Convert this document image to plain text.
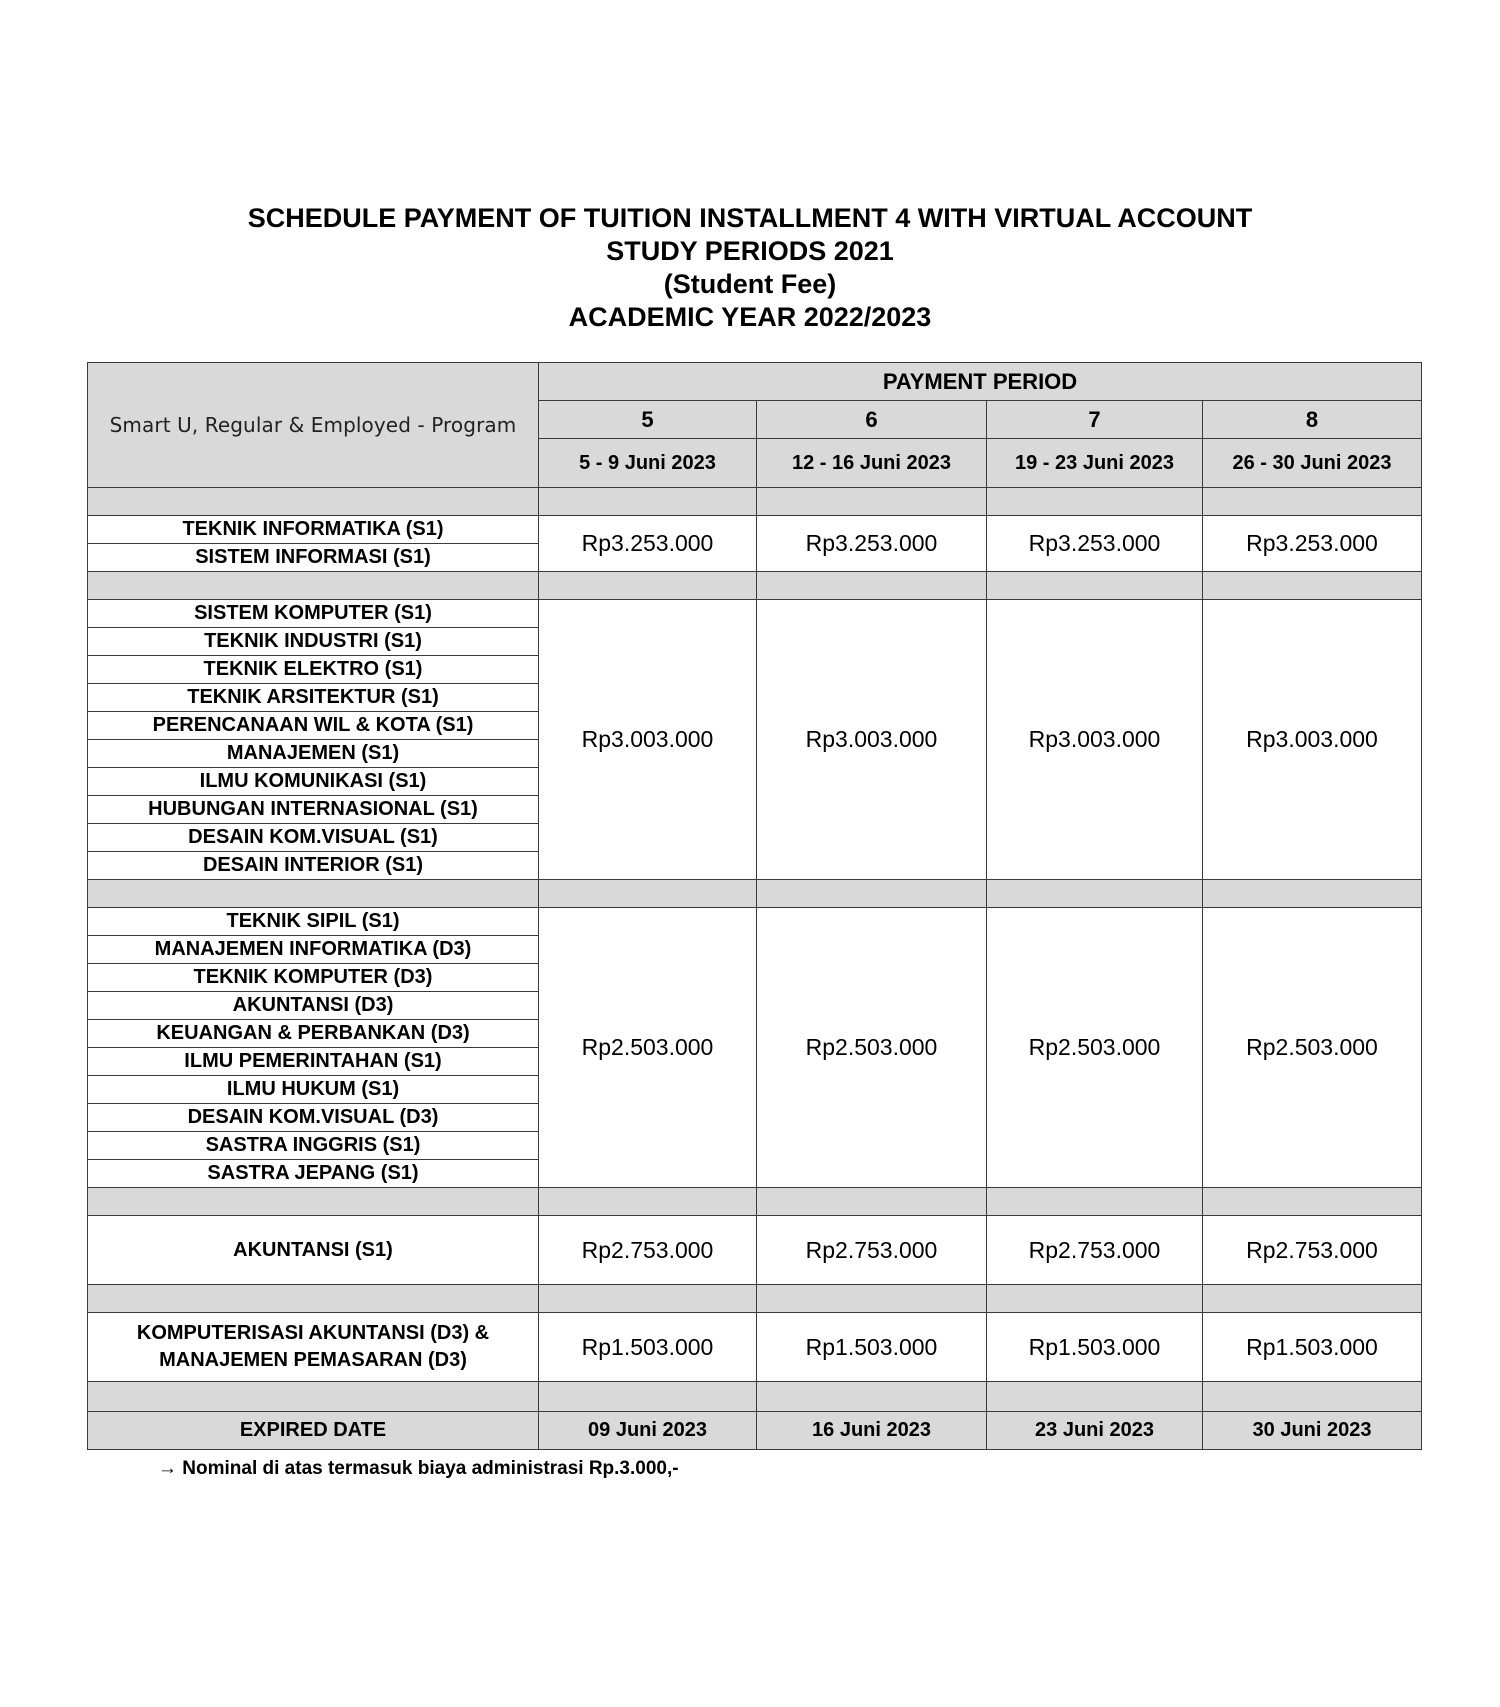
SCHEDULE PAYMENT OF TUITION INSTALLMENT 4 WITH VIRTUAL ACCOUNT
STUDY PERIODS 2021
(Student Fee)
ACADEMIC YEAR 2022/2023
Smart U, Regular & Employed - Program	PAYMENT PERIOD			
	5	6	7	8
	5 - 9 Juni 2023	12 - 16 Juni 2023	19 - 23 Juni 2023	26 - 30 Juni 2023

TEKNIK INFORMATIKA (S1)	Rp3.253.000	Rp3.253.000	Rp3.253.000	Rp3.253.000
SISTEM INFORMASI (S1)				

SISTEM KOMPUTER (S1)	Rp3.003.000	Rp3.003.000	Rp3.003.000	Rp3.003.000
TEKNIK INDUSTRI (S1)				
TEKNIK ELEKTRO (S1)				
TEKNIK ARSITEKTUR (S1)				
PERENCANAAN WIL & KOTA (S1)				
MANAJEMEN (S1)				
ILMU KOMUNIKASI (S1)				
HUBUNGAN INTERNASIONAL (S1)				
DESAIN KOM.VISUAL (S1)				
DESAIN INTERIOR (S1)				

TEKNIK SIPIL (S1)	Rp2.503.000	Rp2.503.000	Rp2.503.000	Rp2.503.000
MANAJEMEN INFORMATIKA (D3)				
TEKNIK KOMPUTER (D3)				
AKUNTANSI (D3)				
KEUANGAN & PERBANKAN (D3)				
ILMU PEMERINTAHAN (S1)				
ILMU HUKUM (S1)				
DESAIN KOM.VISUAL (D3)				
SASTRA INGGRIS (S1)				
SASTRA JEPANG (S1)				

AKUNTANSI (S1)	Rp2.753.000	Rp2.753.000	Rp2.753.000	Rp2.753.000

KOMPUTERISASI AKUNTANSI (D3) &
MANAJEMEN PEMASARAN (D3)	Rp1.503.000	Rp1.503.000	Rp1.503.000	Rp1.503.000

EXPIRED DATE	09 Juni 2023	16 Juni 2023	23 Juni 2023	30 Juni 2023
→ Nominal di atas termasuk biaya administrasi Rp.3.000,-
